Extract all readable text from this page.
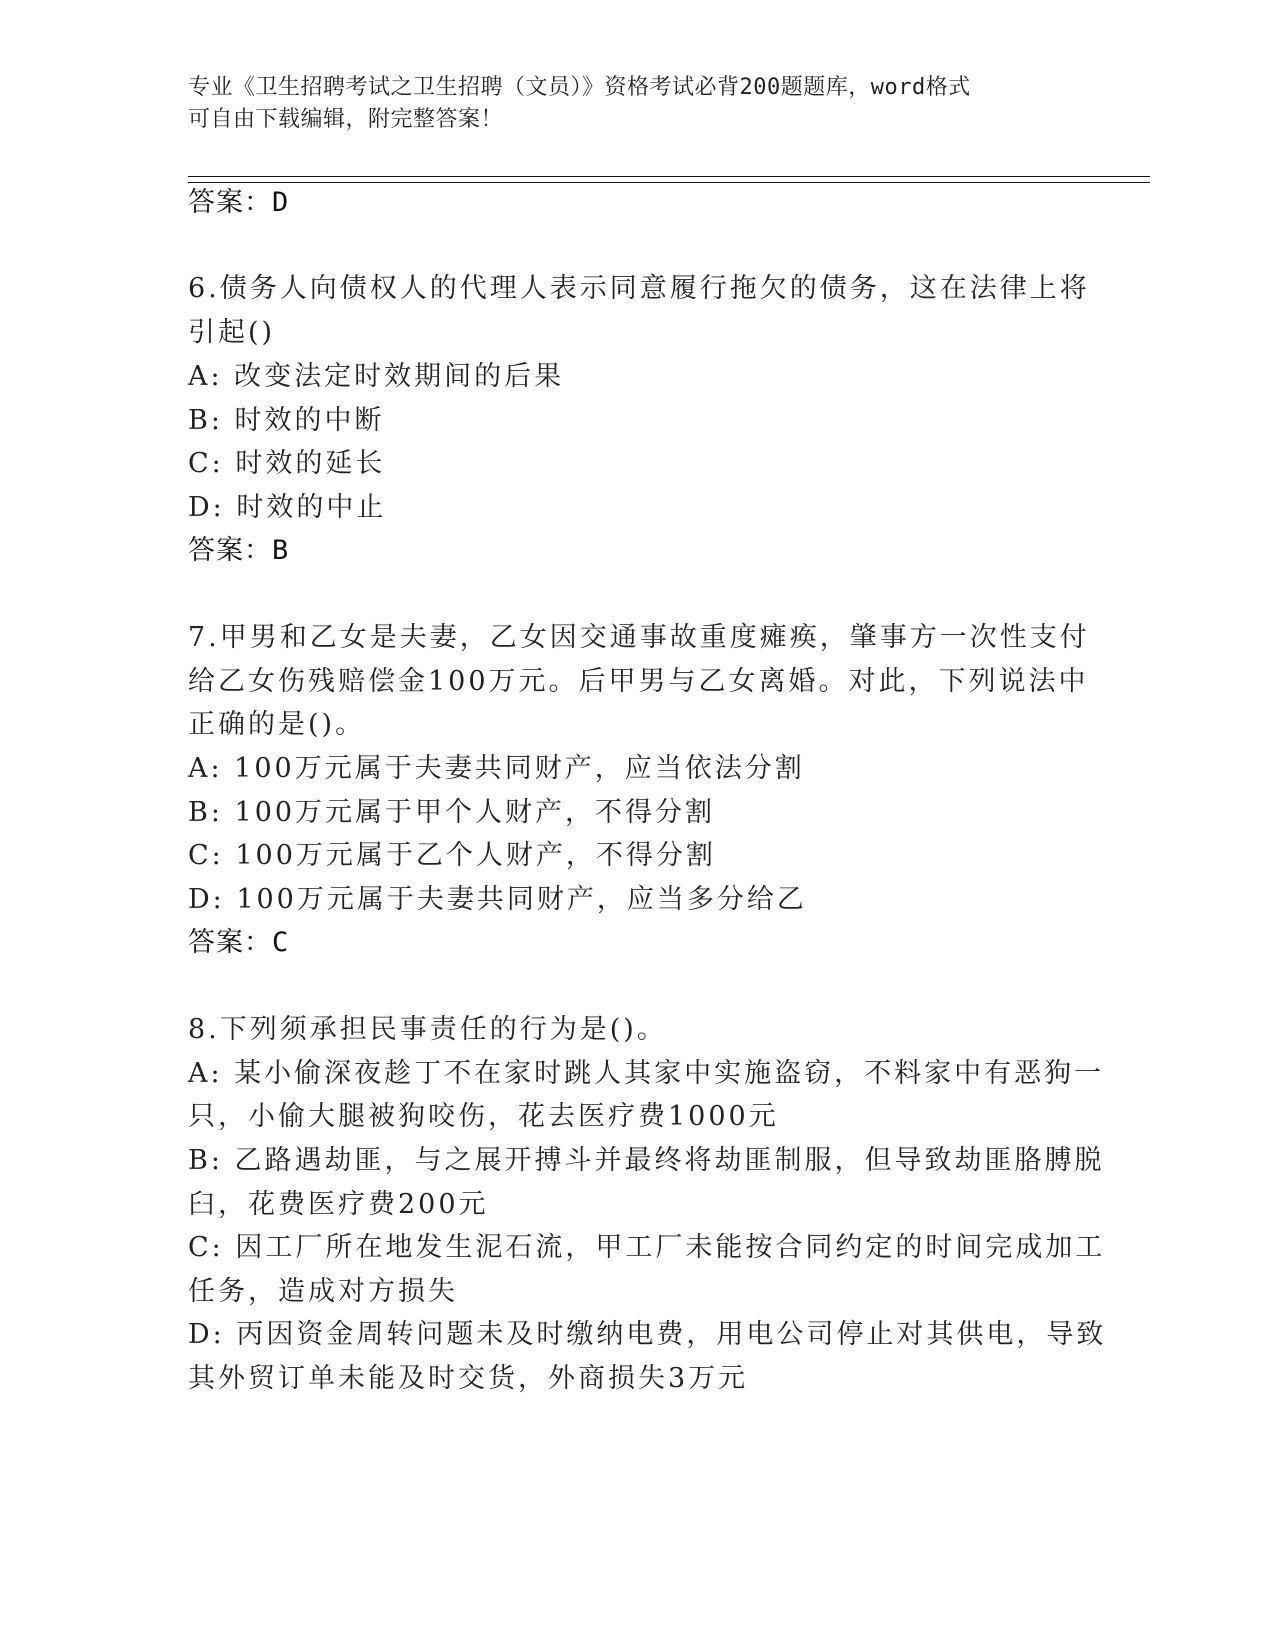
专业《卫生招聘考试之卫生招聘（文员）》资格考试必背200题题库，word格式
可自由下载编辑，附完整答案！
答案：D
6.债务人向债权人的代理人表示同意履行拖欠的债务，这在法律上将
引起()
A: 改变法定时效期间的后果
B: 时效的中断
C: 时效的延长
D: 时效的中止
答案：B
7.甲男和乙女是夫妻，乙女因交通事故重度瘫痪，肇事方一次性支付
给乙女伤残赔偿金100万元。后甲男与乙女离婚。对此，下列说法中
正确的是()。
A: 100万元属于夫妻共同财产，应当依法分割
B: 100万元属于甲个人财产，不得分割
C: 100万元属于乙个人财产，不得分割
D: 100万元属于夫妻共同财产，应当多分给乙
答案：C
8.下列须承担民事责任的行为是()。
A: 某小偷深夜趁丁不在家时跳人其家中实施盗窃，不料家中有恶狗一
只，小偷大腿被狗咬伤，花去医疗费1000元
B: 乙路遇劫匪，与之展开搏斗并最终将劫匪制服，但导致劫匪胳膊脱
臼，花费医疗费200元
C: 因工厂所在地发生泥石流，甲工厂未能按合同约定的时间完成加工
任务，造成对方损失
D: 丙因资金周转问题未及时缴纳电费，用电公司停止对其供电，导致
其外贸订单未能及时交货，外商损失3万元
